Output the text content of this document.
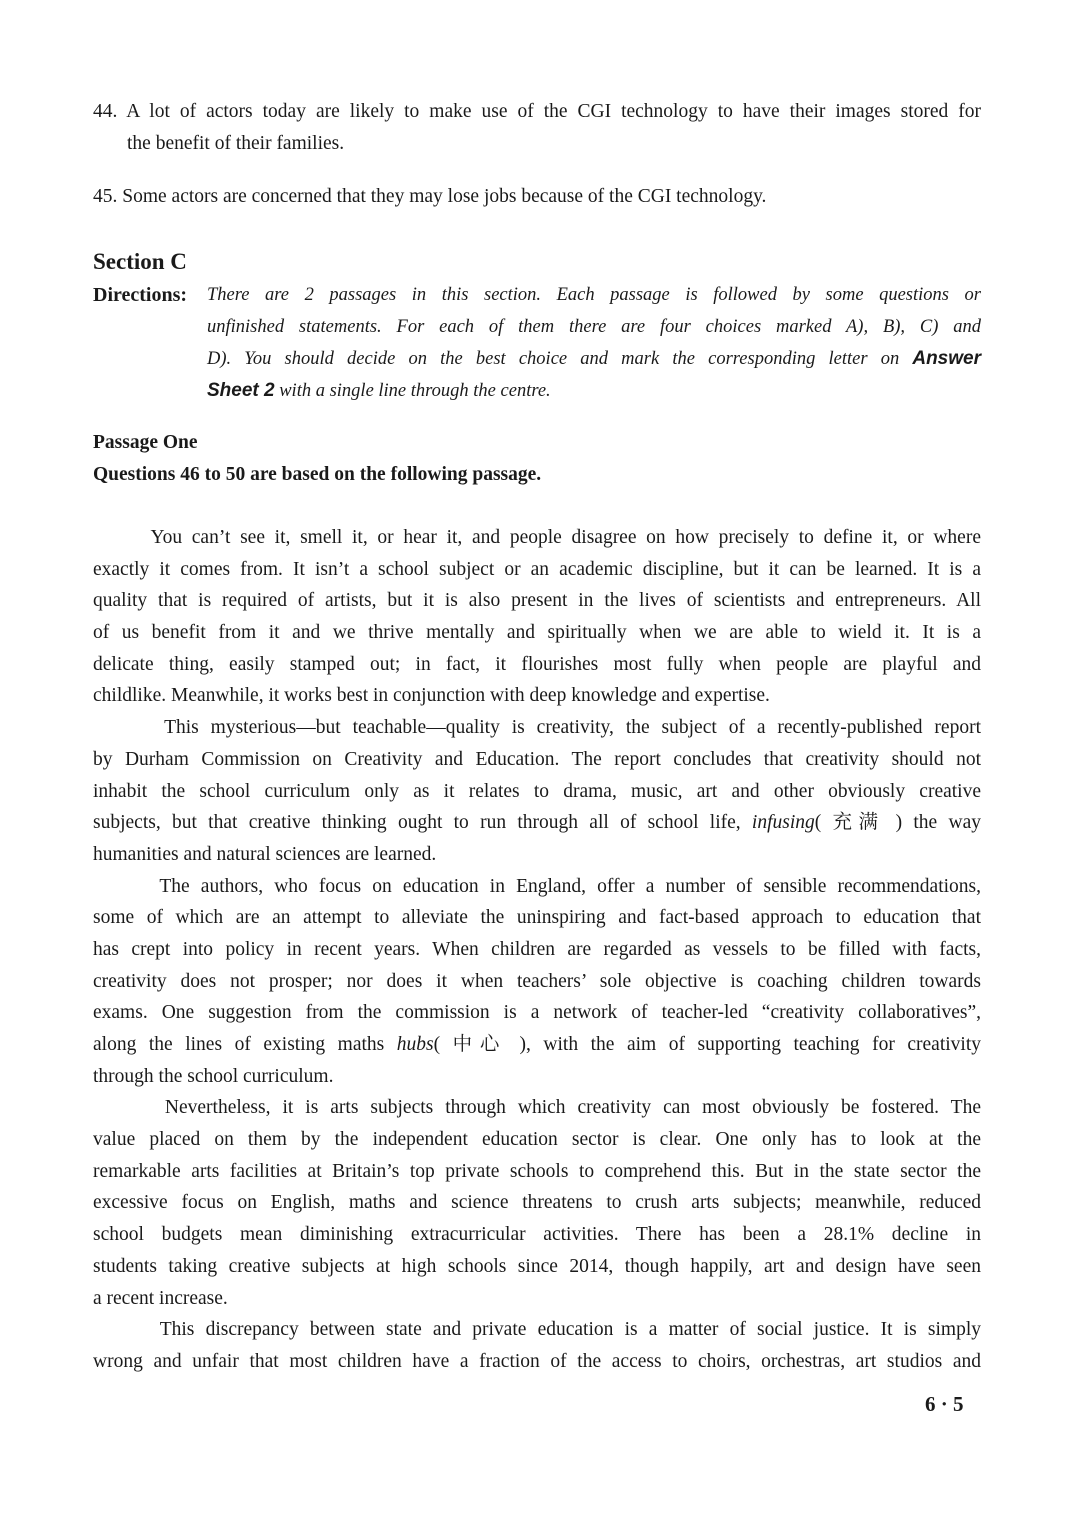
44. A lot of actors today are likely to make use of the CGI technology to have their images stored for
the benefit of their families.
45. Some actors are concerned that they may lose jobs because of the CGI technology.
Section C
Directions: There are 2 passages in this section. Each passage is followed by some questions or
unfinished statements. For each of them there are four choices marked A), B), C) and
D). You should decide on the best choice and mark the corresponding letter on Answer
Sheet 2 with a single line through the centre.
Passage One
Questions 46 to 50 are based on the following passage.
You can’t see it, smell it, or hear it, and people disagree on how precisely to define it, or where
exactly it comes from. It isn’t a school subject or an academic discipline, but it can be learned. It is a
quality that is required of artists, but it is also present in the lives of scientists and entrepreneurs. All
of us benefit from it and we thrive mentally and spiritually when we are able to wield it. It is a
delicate thing, easily stamped out; in fact, it flourishes most fully when people are playful and
childlike. Meanwhile, it works best in conjunction with deep knowledge and expertise.
This mysterious—but teachable—quality is creativity, the subject of a recently-published report
by Durham Commission on Creativity and Education. The report concludes that creativity should not
inhabit the school curriculum only as it relates to drama, music, art and other obviously creative
subjects, but that creative thinking ought to run through all of school life, infusing( 充满 ) the way
humanities and natural sciences are learned.
The authors, who focus on education in England, offer a number of sensible recommendations,
some of which are an attempt to alleviate the uninspiring and fact-based approach to education that
has crept into policy in recent years. When children are regarded as vessels to be filled with facts,
creativity does not prosper; nor does it when teachers’ sole objective is coaching children towards
exams. One suggestion from the commission is a network of teacher-led “creativity collaboratives”,
along the lines of existing maths hubs( 中心 ), with the aim of supporting teaching for creativity
through the school curriculum.
Nevertheless, it is arts subjects through which creativity can most obviously be fostered. The
value placed on them by the independent education sector is clear. One only has to look at the
remarkable arts facilities at Britain’s top private schools to comprehend this. But in the state sector the
excessive focus on English, maths and science threatens to crush arts subjects; meanwhile, reduced
school budgets mean diminishing extracurricular activities. There has been a 28.1% decline in
students taking creative subjects at high schools since 2014, though happily, art and design have seen
a recent increase.
This discrepancy between state and private education is a matter of social justice. It is simply
wrong and unfair that most children have a fraction of the access to choirs, orchestras, art studios and
6 · 5
